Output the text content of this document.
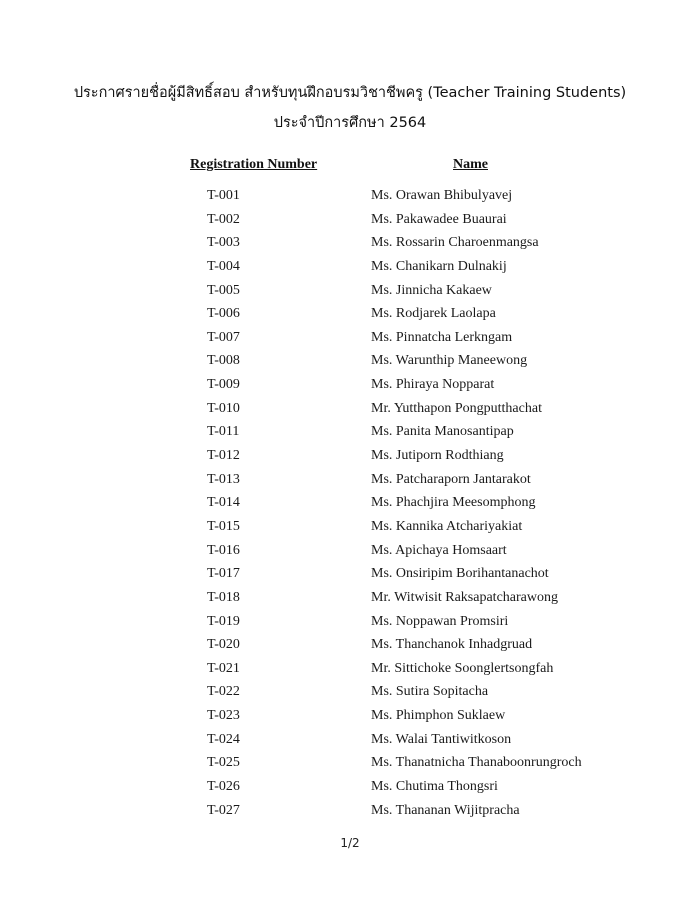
ประกาศรายชื่อผู้มีสิทธิ์สอบ สำหรับทุนฝึกอบรมวิชาชีพครู (Teacher Training Students)
ประจำปีการศึกษา 2564
Registration Number	Name
T-001	Ms. Orawan Bhibulyavej
T-002	Ms. Pakawadee Buaurai
T-003	Ms. Rossarin Charoenmangsa
T-004	Ms. Chanikarn Dulnakij
T-005	Ms. Jinnicha Kakaew
T-006	Ms. Rodjarek Laolapa
T-007	Ms. Pinnatcha Lerkngam
T-008	Ms. Warunthip Maneewong
T-009	Ms. Phiraya Nopparat
T-010	Mr. Yutthapon Pongputthachat
T-011	Ms. Panita Manosantipap
T-012	Ms. Jutiporn Rodthiang
T-013	Ms. Patcharaporn Jantarakot
T-014	Ms. Phachjira Meesomphong
T-015	Ms. Kannika Atchariyakiat
T-016	Ms. Apichaya Homsaart
T-017	Ms. Onsiripim Borihantanachot
T-018	Mr. Witwisit Raksapatcharawong
T-019	Ms. Noppawan Promsiri
T-020	Ms. Thanchanok Inhadgruad
T-021	Mr. Sittichoke Soonglertsongfah
T-022	Ms. Sutira Sopitacha
T-023	Ms. Phimphon Suklaew
T-024	Ms. Walai Tantiwitkoson
T-025	Ms. Thanatnicha Thanaboonrungroch
T-026	Ms. Chutima Thongsri
T-027	Ms. Thananan Wijitpracha
1/2
